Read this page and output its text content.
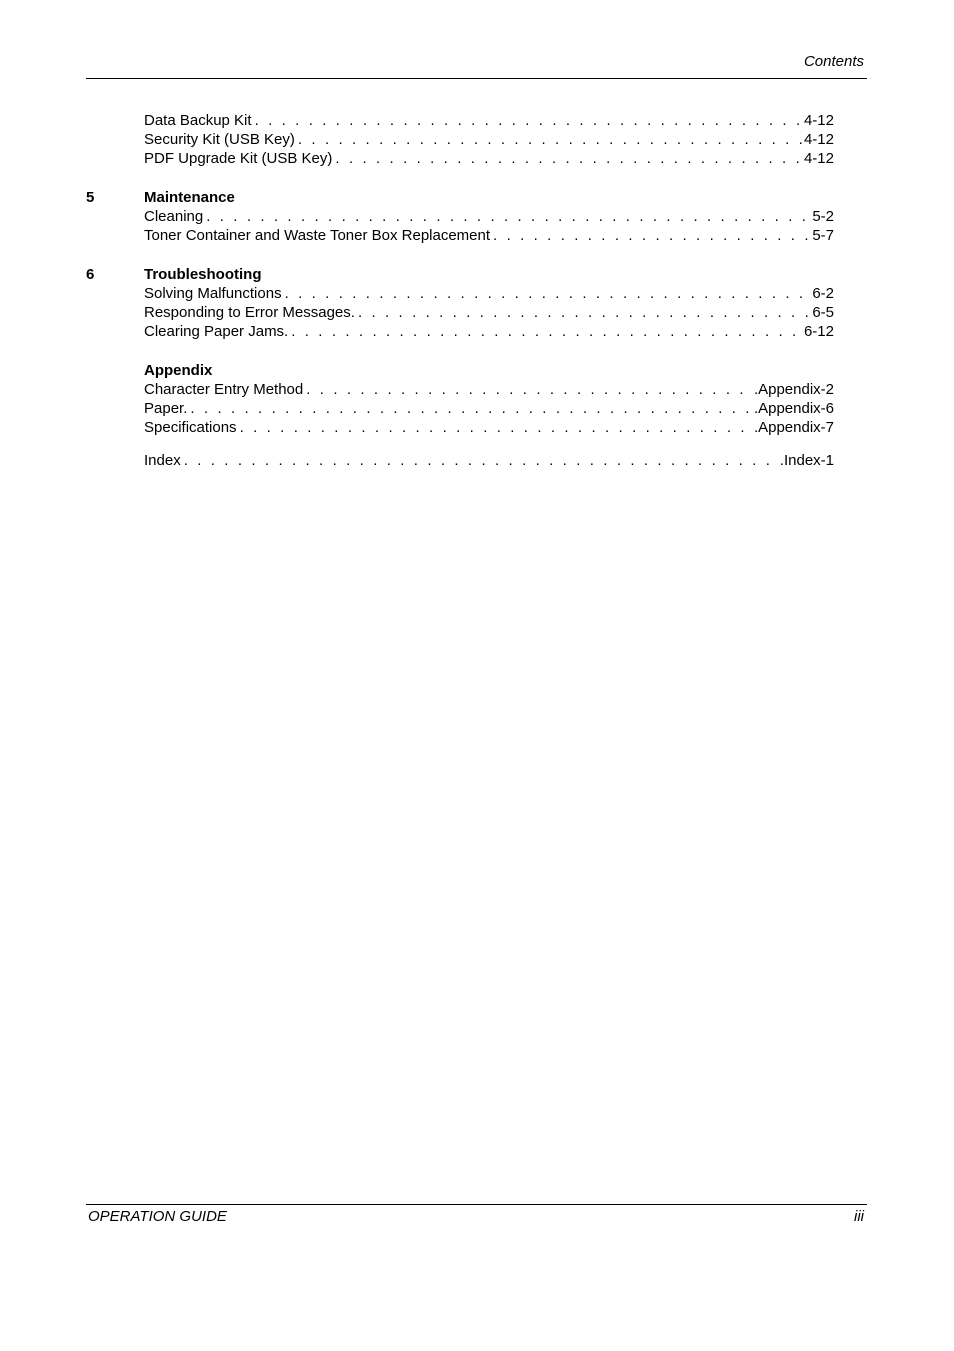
Contents
Data Backup Kit . . .	4-12
Security Kit (USB Key) . . .	4-12
PDF Upgrade Kit (USB Key) . . .	4-12
5	Maintenance
Cleaning . . .	5-2
Toner Container and Waste Toner Box Replacement . . .	5-7
6	Troubleshooting
Solving Malfunctions . . .	6-2
Responding to Error Messages. . . .	6-5
Clearing Paper Jams. . . .	6-12
Appendix
Character Entry Method . . .	.Appendix-2
Paper. . . .	.Appendix-6
Specifications . . .	.Appendix-7
Index . . .	.Index-1
OPERATION GUIDE	iii
